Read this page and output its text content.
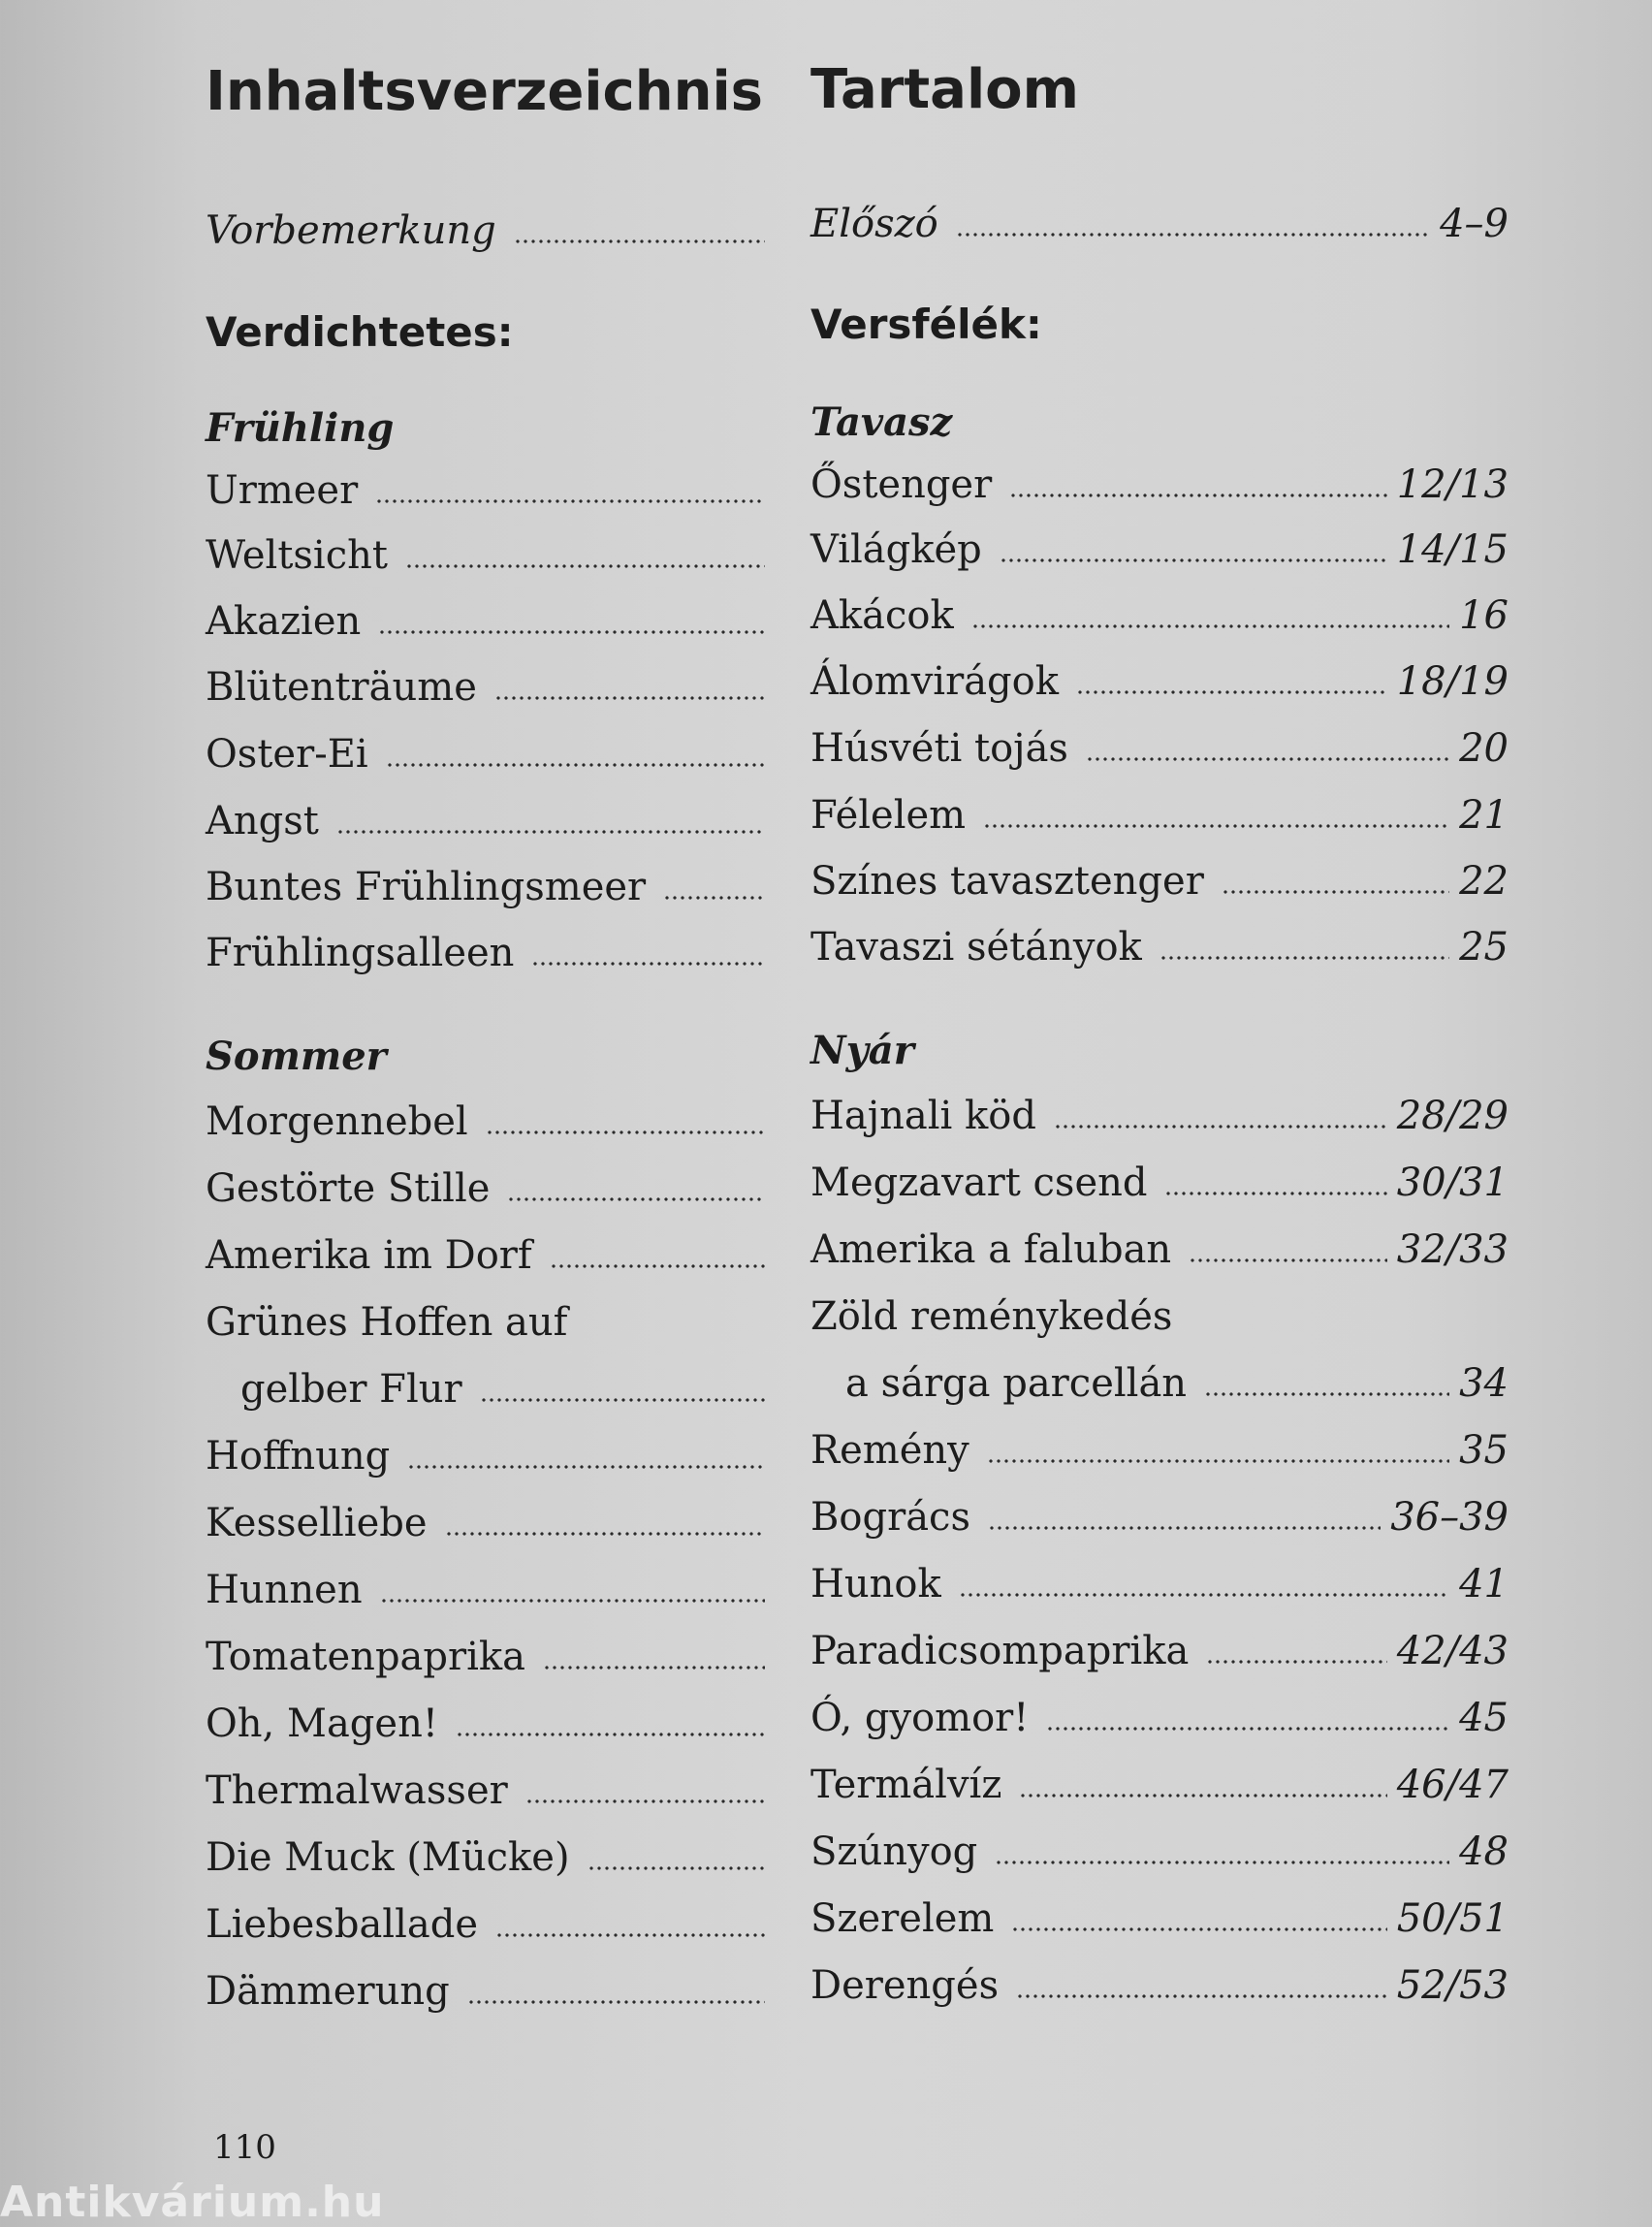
Inhaltsverzeichnis
Vorbemerkung
Verdichtetes:
Frühling
Urmeer
Weltsicht
Akazien
Blütenträume
Oster-Ei
Angst
Buntes Frühlingsmeer
Frühlingsalleen
Sommer
Morgennebel
Gestörte Stille
Amerika im Dorf
Grünes Hoffen auf
gelber Flur
Hoffnung
Kesselliebe
Hunnen
Tomatenpaprika
Oh, Magen!
Thermalwasser
Die Muck (Mücke)
Liebesballade
Dämmerung
Tartalom
Előszó	4–9
Versfélék:
Tavasz
Őstenger	12/13
Világkép	14/15
Akácok	16
Álomvirágok	18/19
Húsvéti tojás	20
Félelem	21
Színes tavasztenger	22
Tavaszi sétányok	25
Nyár
Hajnali köd	28/29
Megzavart csend	30/31
Amerika a faluban	32/33
Zöld reménykedés
a sárga parcellán	34
Remény	35
Bogrács	36–39
Hunok	41
Paradicsompaprika	42/43
Ó, gyomor!	45
Termálvíz	46/47
Szúnyog	48
Szerelem	50/51
Derengés	52/53
110
Antikvárium.hu
